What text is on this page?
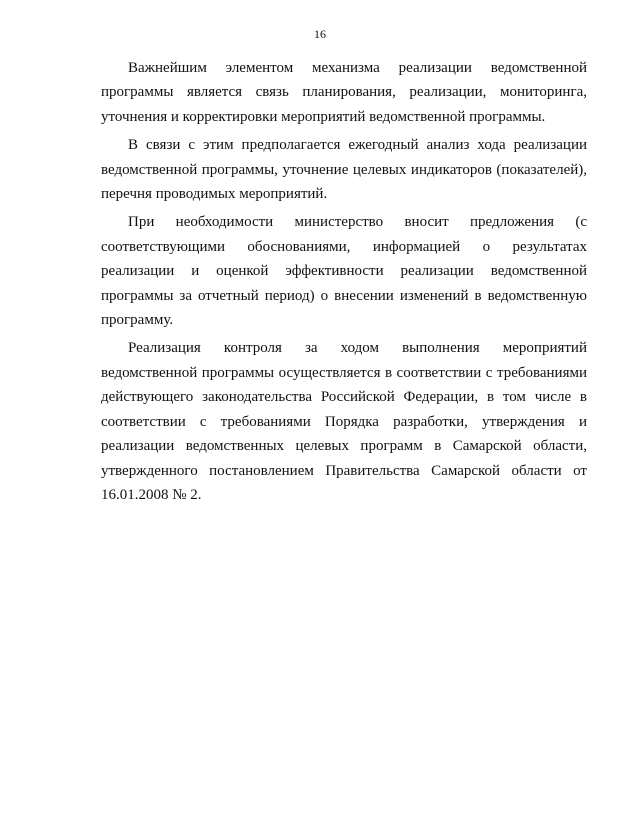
16

Важнейшим элементом механизма реализации ведомственной программы является связь планирования, реализации, мониторинга, уточнения и корректировки мероприятий ведомственной программы.

В связи с этим предполагается ежегодный анализ хода реализации ведомственной программы, уточнение целевых индикаторов (показателей), перечня проводимых мероприятий.

При необходимости министерство вносит предложения (с соответствующими обоснованиями, информацией о результатах реализации и оценкой эффективности реализации ведомственной программы за отчетный период) о внесении изменений в ведомственную программу.

Реализация контроля за ходом выполнения мероприятий ведомственной программы осуществляется в соответствии с требованиями действующего законодательства Российской Федерации, в том числе в соответствии с требованиями Порядка разработки, утверждения и реализации ведомственных целевых программ в Самарской области, утвержденного постановлением Правительства Самарской области от 16.01.2008 № 2.
